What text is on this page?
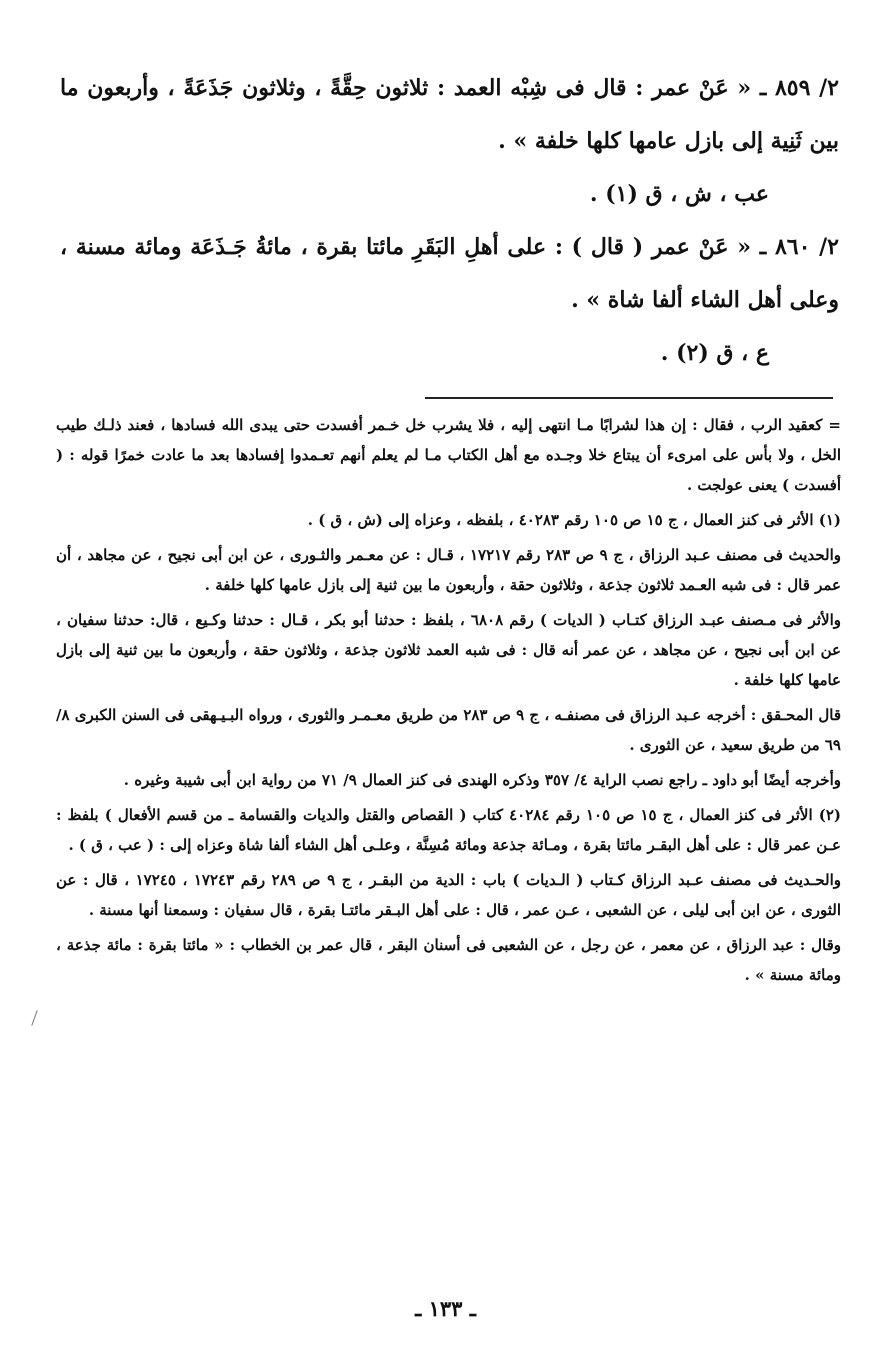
٢/ ٨٥٩ ـ « عَنْ عمر : قال فى شِبْه العمد : ثلاثون حِقَّةً ، وثلاثون جَذَعَةً ، وأربعون ما بين ثَنِية إلى بازل عامها كلها خلفة » .

عب ، ش ، ق (١) .

٢/ ٨٦٠ ـ « عَنْ عمر ( قال ) : على أهلِ البَقَرِ مائتا بقرة ، مائةُ جَـذَعَة ومائة مسنة ، وعلى أهل الشاء ألفا شاة » .

ع ، ق (٢) .

= كعقيد الرب ، فقال : إن هذا لشرابًا مـا انتهى إليه ، فلا يشرب خل خـمر أفسدت حتى يبدى الله فسادها ، فعند ذلـك طيب الخل ، ولا بأس على امرىء أن يبتاع خلا وجـده مع أهل الكتاب مـا لم يعلم أنهم تعـمدوا إفسادها بعد ما عادت خمرًا قوله : ( أفسدت ) يعنى عولجت .

(١) الأثر فى كنز العمال ، ج ١٥ ص ١٠٥ رقم ٤٠٢٨٣ ، بلفظه ، وعزاه إلى (ش ، ق ) .

والحديث فى مصنف عـبد الرزاق ، ج ٩ ص ٢٨٣ رقم ١٧٢١٧ ، قـال : عن معـمر والثـورى ، عن ابن أبى نجيح ، عن مجاهد ، أن عمر قال : فى شبه العـمد ثلاثون جذعة ، وثلاثون حقة ، وأربعون ما بين ثنية إلى بازل عامها كلها خلفة .

والأثر فى مـصنف عبـد الرزاق كتـاب ( الديات ) رقم ٦٨٠٨ ، بلفظ : حدثنا أبو بكر ، قـال : حدثنا وكـيع ، قال: حدثنا سفيان ، عن ابن أبى نجيح ، عن مجاهد ، عن عمر أنه قال : فى شبه العمد ثلاثون جذعة ، وثلاثون حقة ، وأربعون ما بين ثنية إلى بازل عامها كلها خلفة .

قال المحـقق : أخرجه عـبد الرزاق فى مصنفـه ، ج ٩ ص ٢٨٣ من طريق معـمـر والثورى ، ورواه البـيـهقى فى السنن الكبرى ٨/ ٦٩ من طريق سعيد ، عن الثورى .

وأخرجه أيضًا أبو داود ـ راجع نصب الراية ٤/ ٣٥٧ وذكره الهندى فى كنز العمال ٩/ ٧١ من رواية ابن أبى شيبة وغيره .

(٢) الأثر فى كنز العمال ، ج ١٥ ص ١٠٥ رقم ٤٠٢٨٤ كتاب ( القصاص والقتل والديات والقسامة ـ من قسم الأفعال ) بلفظ : عـن عمر قال : على أهل البقـر مائتا بقرة ، ومـائة جذعة ومائة مُسِنَّة ، وعلـى أهل الشاء ألفا شاة وعزاه إلى : ( عب ، ق ) .

والحـديث فى مصنف عـبد الرزاق كـتاب ( الـديات ) باب : الدية من البقـر ، ج ٩ ص ٢٨٩ رقم ١٧٢٤٣ ، ١٧٢٤٥ ، قال : عن الثورى ، عن ابن أبى ليلى ، عن الشعبى ، عـن عمر ، قال : على أهل البـقر مائتـا بقرة ، قال سفيان : وسمعنا أنها مسنة .

وقال : عبد الرزاق ، عن معمر ، عن رجل ، عن الشعبى فى أسنان البقر ، قال عمر بن الخطاب : « مائتا بقرة : مائة جذعة ، ومائة مسنة » .

ـ ١٣٣ ـ
